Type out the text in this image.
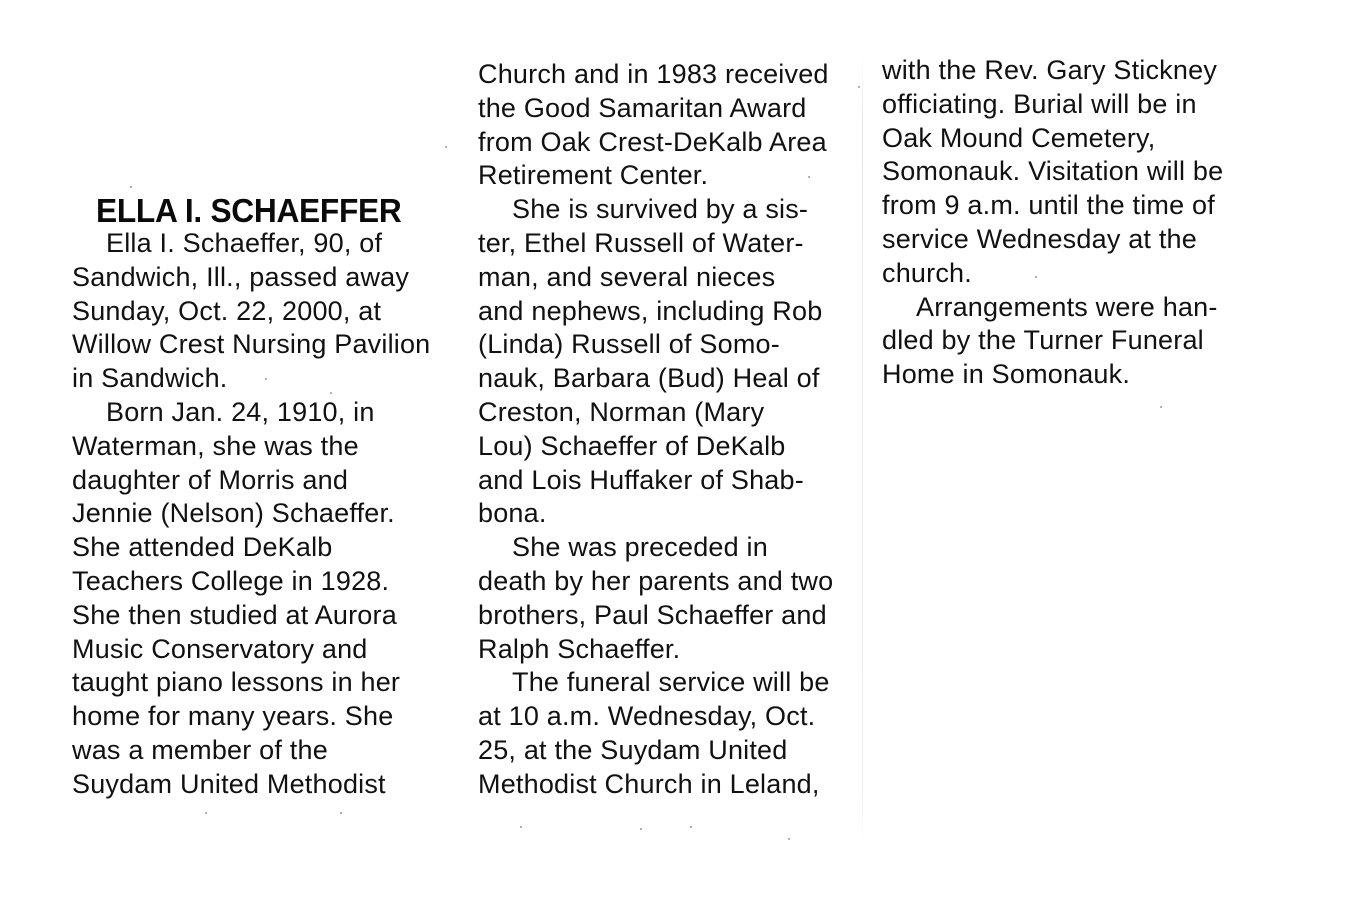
ELLA I. SCHAEFFER
Ella I. Schaeffer, 90, of
Sandwich, Ill., passed away
Sunday, Oct. 22, 2000, at
Willow Crest Nursing Pavilion
in Sandwich.
Born Jan. 24, 1910, in
Waterman, she was the
daughter of Morris and
Jennie (Nelson) Schaeffer.
She attended DeKalb
Teachers College in 1928.
She then studied at Aurora
Music Conservatory and
taught piano lessons in her
home for many years. She
was a member of the
Suydam United Methodist
Church and in 1983 received
the Good Samaritan Award
from Oak Crest-DeKalb Area
Retirement Center.
She is survived by a sis-
ter, Ethel Russell of Water-
man, and several nieces
and nephews, including Rob
(Linda) Russell of Somo-
nauk, Barbara (Bud) Heal of
Creston, Norman (Mary
Lou) Schaeffer of DeKalb
and Lois Huffaker of Shab-
bona.
She was preceded in
death by her parents and two
brothers, Paul Schaeffer and
Ralph Schaeffer.
The funeral service will be
at 10 a.m. Wednesday, Oct.
25, at the Suydam United
Methodist Church in Leland,
with the Rev. Gary Stickney
officiating. Burial will be in
Oak Mound Cemetery,
Somonauk. Visitation will be
from 9 a.m. until the time of
service Wednesday at the
church.
Arrangements were han-
dled by the Turner Funeral
Home in Somonauk.
